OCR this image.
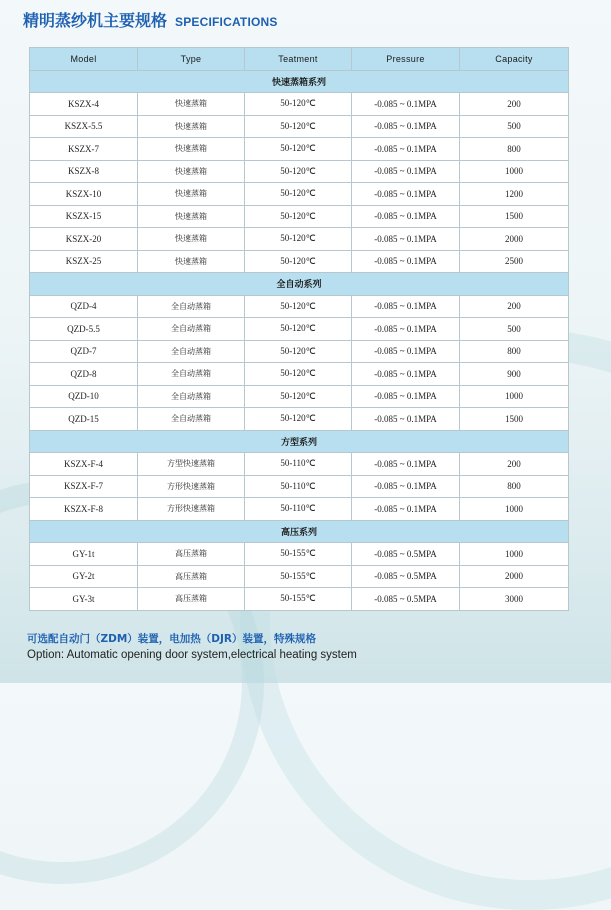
精明蒸纱机主要规格 SPECIFICATIONS
Model	Type	Teatment	Pressure	Capacity
快速蒸箱系列				
KSZX-4	快速蒸箱	50-120℃	-0.085 ~ 0.1MPA	200
KSZX-5.5	快速蒸箱	50-120℃	-0.085 ~ 0.1MPA	500
KSZX-7	快速蒸箱	50-120℃	-0.085 ~ 0.1MPA	800
KSZX-8	快速蒸箱	50-120℃	-0.085 ~ 0.1MPA	1000
KSZX-10	快速蒸箱	50-120℃	-0.085 ~ 0.1MPA	1200
KSZX-15	快速蒸箱	50-120℃	-0.085 ~ 0.1MPA	1500
KSZX-20	快速蒸箱	50-120℃	-0.085 ~ 0.1MPA	2000
KSZX-25	快速蒸箱	50-120℃	-0.085 ~ 0.1MPA	2500
全自动系列				
QZD-4	全自动蒸箱	50-120℃	-0.085 ~ 0.1MPA	200
QZD-5.5	全自动蒸箱	50-120℃	-0.085 ~ 0.1MPA	500
QZD-7	全自动蒸箱	50-120℃	-0.085 ~ 0.1MPA	800
QZD-8	全自动蒸箱	50-120℃	-0.085 ~ 0.1MPA	900
QZD-10	全自动蒸箱	50-120℃	-0.085 ~ 0.1MPA	1000
QZD-15	全自动蒸箱	50-120℃	-0.085 ~ 0.1MPA	1500
方型系列				
KSZX-F-4	方型快速蒸箱	50-110℃	-0.085 ~ 0.1MPA	200
KSZX-F-7	方形快速蒸箱	50-110℃	-0.085 ~ 0.1MPA	800
KSZX-F-8	方形快速蒸箱	50-110℃	-0.085 ~ 0.1MPA	1000
高压系列				
GY-1t	高压蒸箱	50-155℃	-0.085 ~ 0.5MPA	1000
GY-2t	高压蒸箱	50-155℃	-0.085 ~ 0.5MPA	2000
GY-3t	高压蒸箱	50-155℃	-0.085 ~ 0.5MPA	3000
可选配自动门（ZDM）装置，电加热（DJR）装置，特殊规格
Option: Automatic opening door system,electrical heating system
